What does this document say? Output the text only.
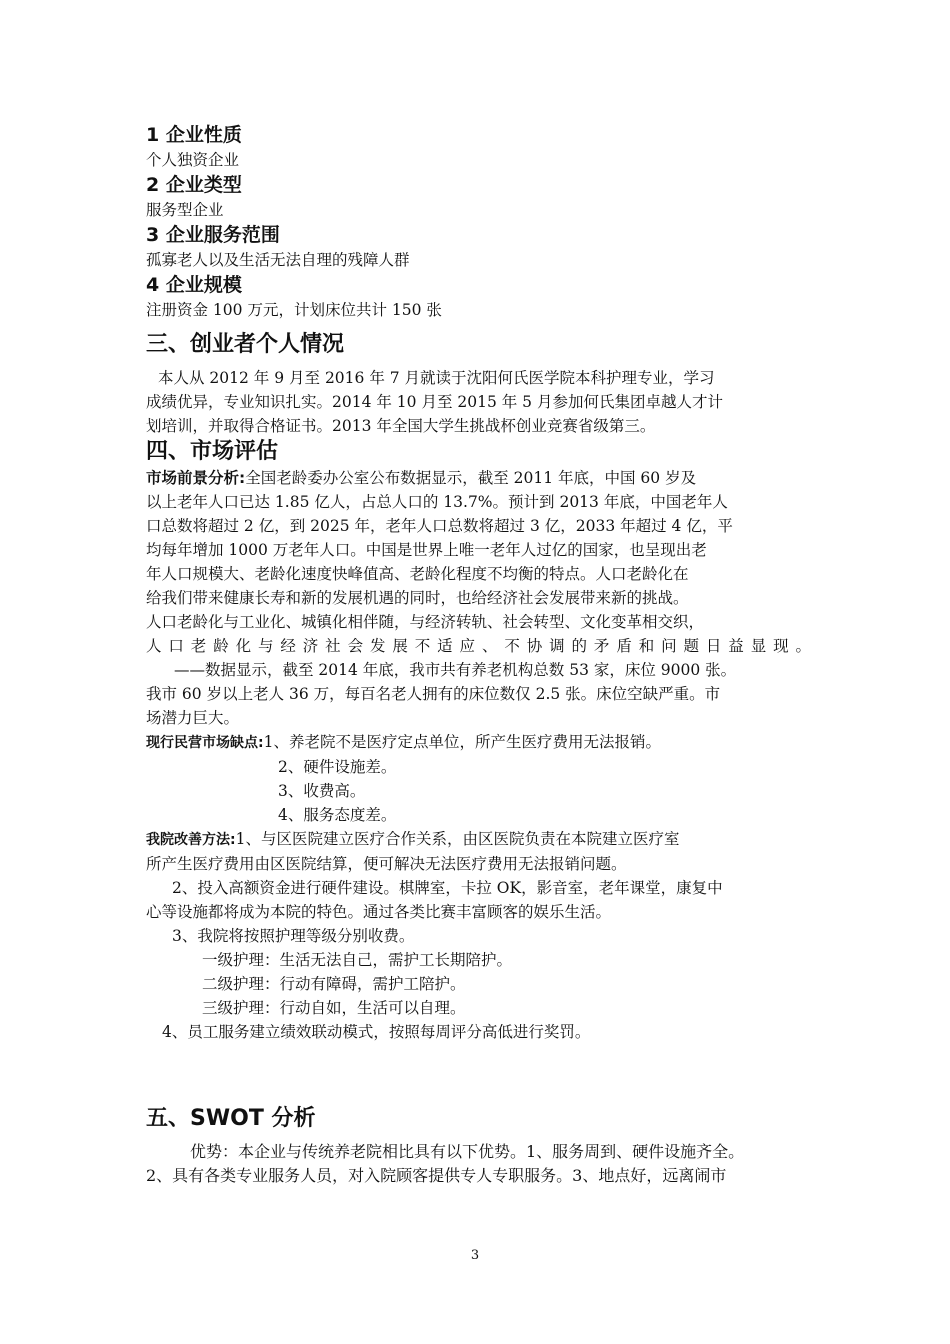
1 企业性质
个人独资企业
2 企业类型
服务型企业
3 企业服务范围
孤寡老人以及生活无法自理的残障人群
4 企业规模
注册资金 100 万元，计划床位共计 150 张
三、创业者个人情况
本人从 2012 年 9 月至 2016 年 7 月就读于沈阳何氏医学院本科护理专业，学习
成绩优异，专业知识扎实。2014 年 10 月至 2015 年 5 月参加何氏集团卓越人才计
划培训，并取得合格证书。2013 年全国大学生挑战杯创业竞赛省级第三。
四、市场评估
市场前景分析:全国老龄委办公室公布数据显示，截至 2011 年底，中国 60 岁及
以上老年人口已达 1.85 亿人，占总人口的 13.7%。预计到 2013 年底，中国老年人
口总数将超过 2 亿，到 2025 年，老年人口总数将超过 3 亿，2033 年超过 4 亿，平
均每年增加 1000 万老年人口。中国是世界上唯一老年人过亿的国家，也呈现出老
年人口规模大、老龄化速度快峰值高、老龄化程度不均衡的特点。人口老龄化在
给我们带来健康长寿和新的发展机遇的同时，也给经济社会发展带来新的挑战。
人口老龄化与工业化、城镇化相伴随，与经济转轨、社会转型、文化变革相交织，
人口老龄化与经济社会发展不适应、不协调的矛盾和问题日益显现。
——数据显示，截至 2014 年底，我市共有养老机构总数 53 家，床位 9000 张。
我市 60 岁以上老人 36 万，每百名老人拥有的床位数仅 2.5 张。床位空缺严重。市
场潜力巨大。
现行民营市场缺点:1、养老院不是医疗定点单位，所产生医疗费用无法报销。
2、硬件设施差。
3、收费高。
4、服务态度差。
我院改善方法:1、与区医院建立医疗合作关系，由区医院负责在本院建立医疗室
所产生医疗费用由区医院结算，便可解决无法医疗费用无法报销问题。
2、投入高额资金进行硬件建设。棋牌室，卡拉 OK，影音室，老年课堂，康复中
心等设施都将成为本院的特色。通过各类比赛丰富顾客的娱乐生活。
3、我院将按照护理等级分别收费。
一级护理：生活无法自己，需护工长期陪护。
二级护理：行动有障碍，需护工陪护。
三级护理：行动自如，生活可以自理。
4、员工服务建立绩效联动模式，按照每周评分高低进行奖罚。
五、SWOT 分析
优势：本企业与传统养老院相比具有以下优势。1、服务周到、硬件设施齐全。
2、具有各类专业服务人员，对入院顾客提供专人专职服务。3、地点好，远离闹市
3
